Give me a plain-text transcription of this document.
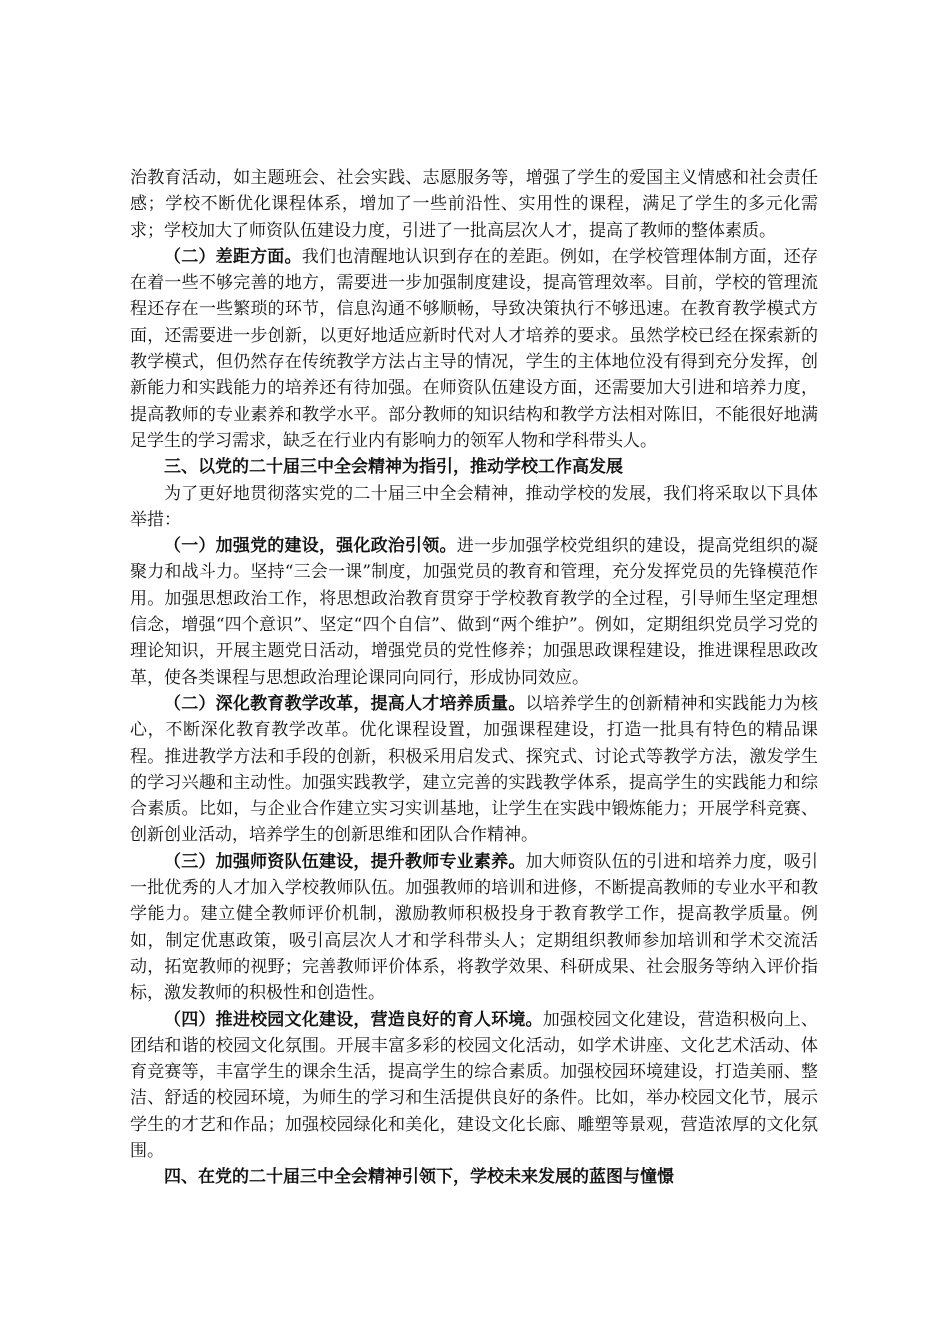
治教育活动，如主题班会、社会实践、志愿服务等，增强了学生的爱国主义情感和社会责任感；学校不断优化课程体系，增加了一些前沿性、实用性的课程，满足了学生的多元化需求；学校加大了师资队伍建设力度，引进了一批高层次人才，提高了教师的整体素质。

（二）差距方面。我们也清醒地认识到存在的差距。例如，在学校管理体制方面，还存在着一些不够完善的地方，需要进一步加强制度建设，提高管理效率。目前，学校的管理流程还存在一些繁琐的环节，信息沟通不够顺畅，导致决策执行不够迅速。在教育教学模式方面，还需要进一步创新，以更好地适应新时代对人才培养的要求。虽然学校已经在探索新的教学模式，但仍然存在传统教学方法占主导的情况，学生的主体地位没有得到充分发挥，创新能力和实践能力的培养还有待加强。在师资队伍建设方面，还需要加大引进和培养力度，提高教师的专业素养和教学水平。部分教师的知识结构和教学方法相对陈旧，不能很好地满足学生的学习需求，缺乏在行业内有影响力的领军人物和学科带头人。

三、以党的二十届三中全会精神为指引，推动学校工作高发展

为了更好地贯彻落实党的二十届三中全会精神，推动学校的发展，我们将采取以下具体举措：

（一）加强党的建设，强化政治引领。进一步加强学校党组织的建设，提高党组织的凝聚力和战斗力。坚持“三会一课”制度，加强党员的教育和管理，充分发挥党员的先锋模范作用。加强思想政治工作，将思想政治教育贯穿于学校教育教学的全过程，引导师生坚定理想信念，增强“四个意识”、坚定“四个自信”、做到“两个维护”。例如，定期组织党员学习党的理论知识，开展主题党日活动，增强党员的党性修养；加强思政课程建设，推进课程思政改革，使各类课程与思想政治理论课同向同行，形成协同效应。

（二）深化教育教学改革，提高人才培养质量。以培养学生的创新精神和实践能力为核心，不断深化教育教学改革。优化课程设置，加强课程建设，打造一批具有特色的精品课程。推进教学方法和手段的创新，积极采用启发式、探究式、讨论式等教学方法，激发学生的学习兴趣和主动性。加强实践教学，建立完善的实践教学体系，提高学生的实践能力和综合素质。比如，与企业合作建立实习实训基地，让学生在实践中锻炼能力；开展学科竞赛、创新创业活动，培养学生的创新思维和团队合作精神。

（三）加强师资队伍建设，提升教师专业素养。加大师资队伍的引进和培养力度，吸引一批优秀的人才加入学校教师队伍。加强教师的培训和进修，不断提高教师的专业水平和教学能力。建立健全教师评价机制，激励教师积极投身于教育教学工作，提高教学质量。例如，制定优惠政策，吸引高层次人才和学科带头人；定期组织教师参加培训和学术交流活动，拓宽教师的视野；完善教师评价体系，将教学效果、科研成果、社会服务等纳入评价指标，激发教师的积极性和创造性。

（四）推进校园文化建设，营造良好的育人环境。加强校园文化建设，营造积极向上、团结和谐的校园文化氛围。开展丰富多彩的校园文化活动，如学术讲座、文化艺术活动、体育竞赛等，丰富学生的课余生活，提高学生的综合素质。加强校园环境建设，打造美丽、整洁、舒适的校园环境，为师生的学习和生活提供良好的条件。比如，举办校园文化节，展示学生的才艺和作品；加强校园绿化和美化，建设文化长廊、雕塑等景观，营造浓厚的文化氛围。

四、在党的二十届三中全会精神引领下，学校未来发展的蓝图与憧憬
